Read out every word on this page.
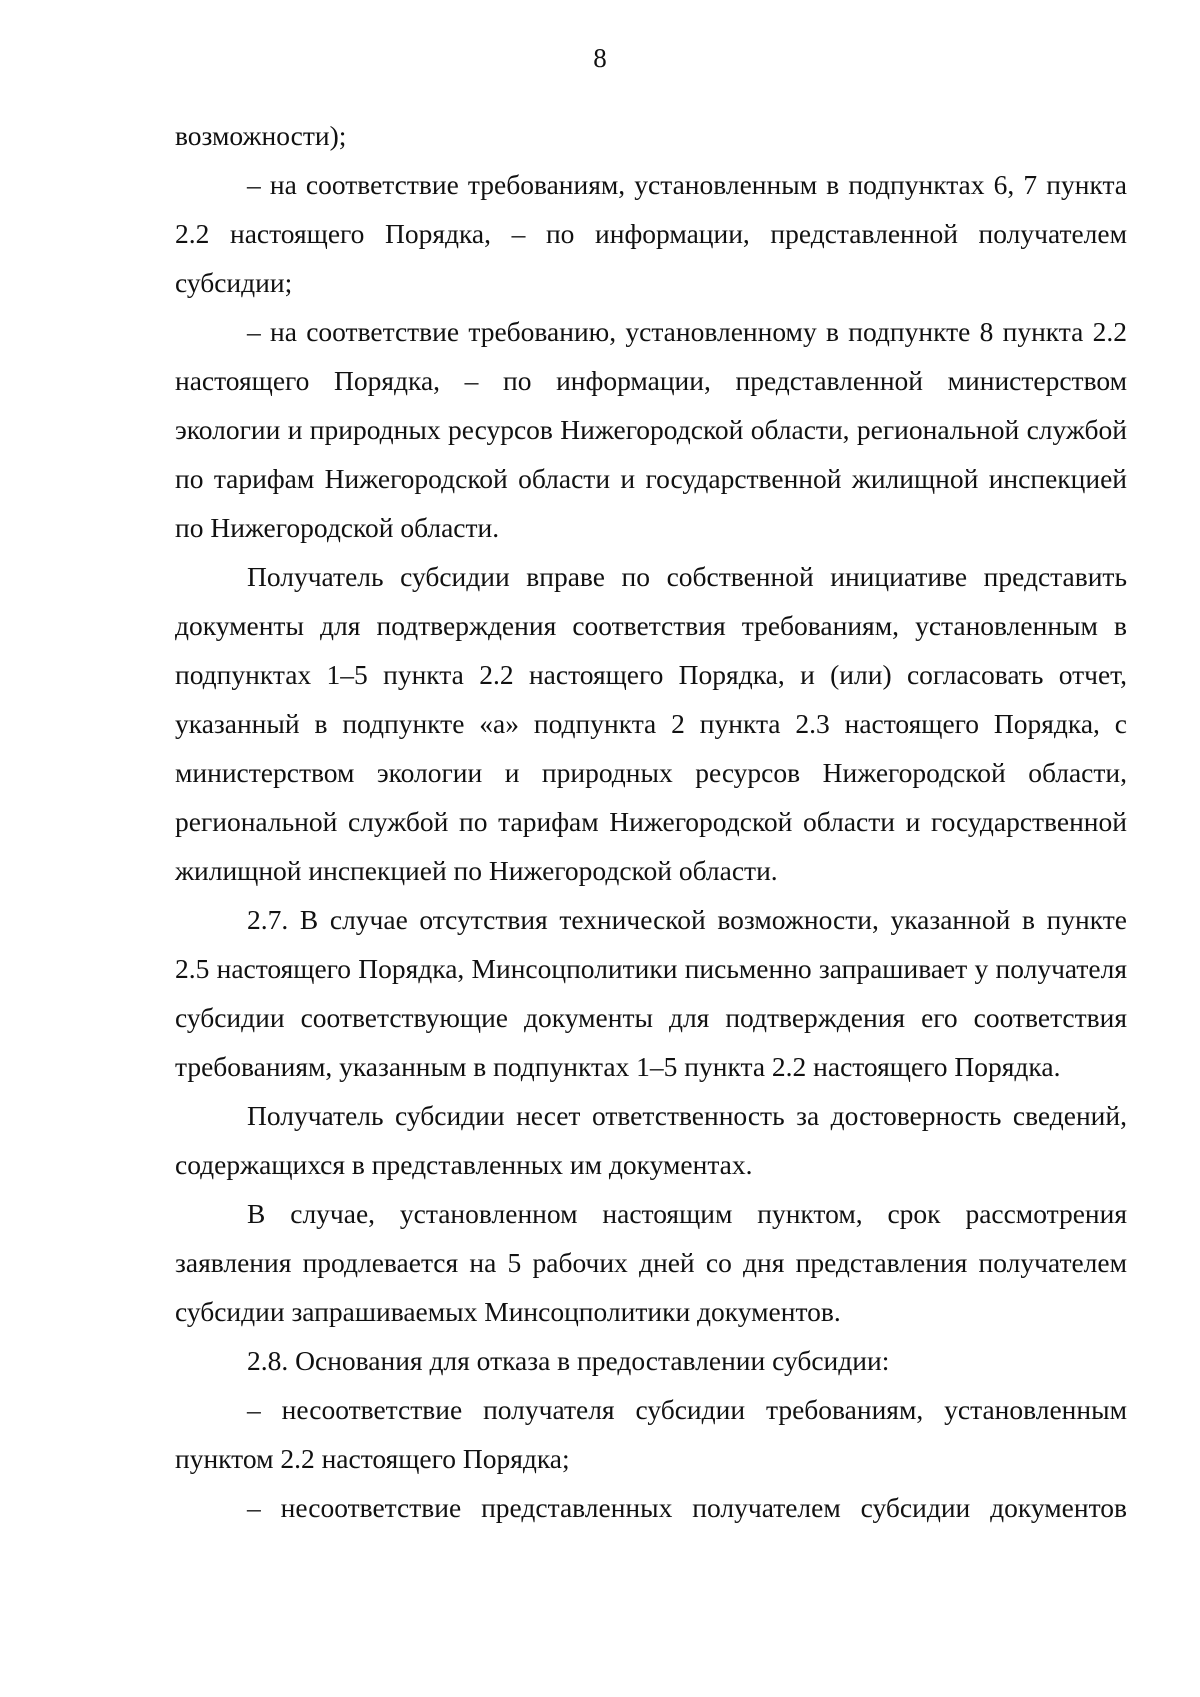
8

возможности);

– на соответствие требованиям, установленным в подпунктах 6, 7 пункта 2.2 настоящего Порядка, – по информации, представленной получателем субсидии;

– на соответствие требованию, установленному в подпункте 8 пункта 2.2 настоящего Порядка, – по информации, представленной министерством экологии и природных ресурсов Нижегородской области, региональной службой по тарифам Нижегородской области и государственной жилищной инспекцией по Нижегородской области.

Получатель субсидии вправе по собственной инициативе представить документы для подтверждения соответствия требованиям, установленным в подпунктах 1–5 пункта 2.2 настоящего Порядка, и (или) согласовать отчет, указанный в подпункте «а» подпункта 2 пункта 2.3 настоящего Порядка, с министерством экологии и природных ресурсов Нижегородской области, региональной службой по тарифам Нижегородской области и государственной жилищной инспекцией по Нижегородской области.

2.7. В случае отсутствия технической возможности, указанной в пункте 2.5 настоящего Порядка, Минсоцполитики письменно запрашивает у получателя субсидии соответствующие документы для подтверждения его соответствия требованиям, указанным в подпунктах 1–5 пункта 2.2 настоящего Порядка.

Получатель субсидии несет ответственность за достоверность сведений, содержащихся в представленных им документах.

В случае, установленном настоящим пунктом, срок рассмотрения заявления продлевается на 5 рабочих дней со дня представления получателем субсидии запрашиваемых Минсоцполитики документов.

2.8. Основания для отказа в предоставлении субсидии:

– несоответствие получателя субсидии требованиям, установленным пунктом 2.2 настоящего Порядка;

– несоответствие представленных получателем субсидии документов
